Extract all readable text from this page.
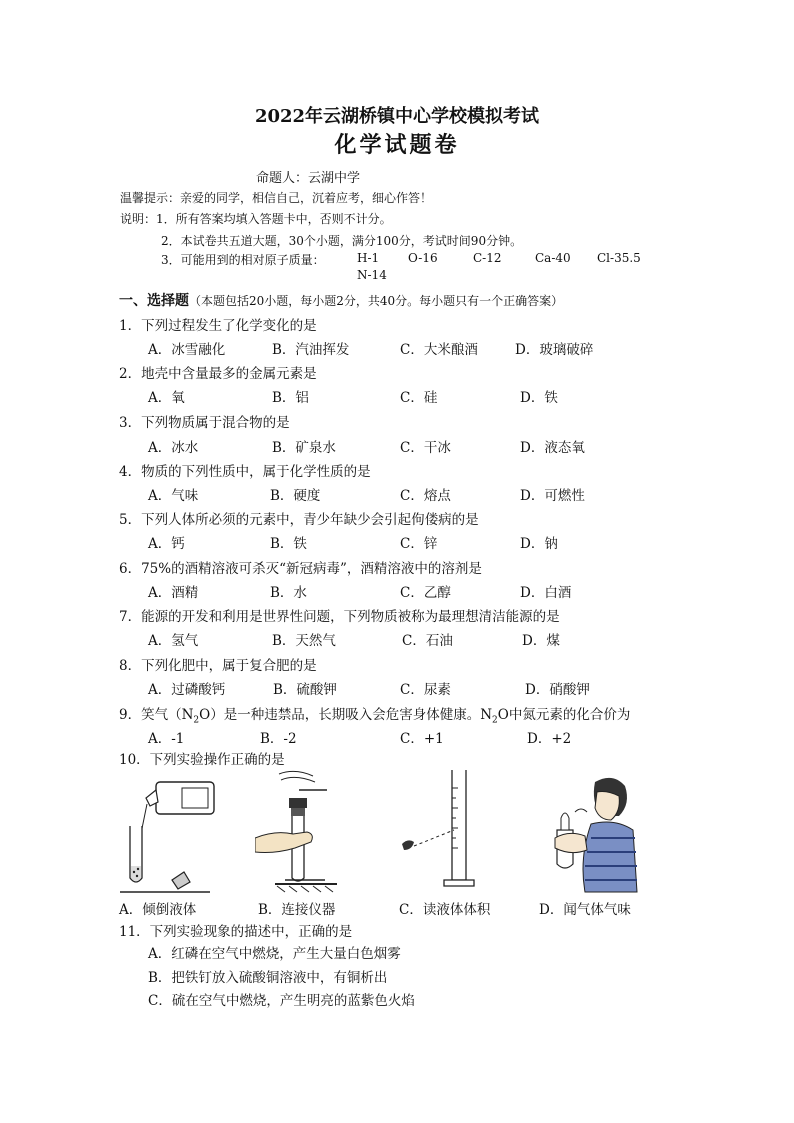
2022年云湖桥镇中心学校模拟考试
化学试题卷
命题人：云湖中学
温馨提示：亲爱的同学，相信自己，沉着应考，细心作答！
说明：1．所有答案均填入答题卡中，否则不计分。
2．本试卷共五道大题，30个小题，满分100分，考试时间90分钟。
3．可能用到的相对原子质量：	H-1 O-16	C-12	Ca-40 Cl-35.5
N-14
一、选择题（本题包括20小题，每小题2分，共40分。每小题只有一个正确答案）
1．下列过程发生了化学变化的是
A．冰雪融化	B．汽油挥发	C．大米酿酒	D．玻璃破碎
2．地壳中含量最多的金属元素是
A．氧	B．铝	C．硅	D．铁
3．下列物质属于混合物的是
A．冰水	B．矿泉水	C．干冰	D．液态氧
4．物质的下列性质中，属于化学性质的是
A．气味	B．硬度	C．熔点	D．可燃性
5．下列人体所必须的元素中，青少年缺少会引起佝偻病的是
A．钙	B．铁	C．锌	D．钠
6．75%的酒精溶液可杀灭“新冠病毒”，酒精溶液中的溶剂是
A．酒精	B．水	C．乙醇	D．白酒
7．能源的开发和利用是世界性问题，下列物质被称为最理想清洁能源的是
A．氢气	B．天然气	C．石油	D．煤
8．下列化肥中，属于复合肥的是
A．过磷酸钙	B．硫酸钾	C．尿素	D．硝酸钾
9．笑气$(N_2O)$是一种违禁品，长期吸入会危害身体健康。$N_2O$中氮元素的化合价为
A．-1	B．-2	C．+1	D．+2
10．下列实验操作正确的是
A．倾倒液体	B．连接仪器	C．读液体体积	D．闻气体气味
11．下列实验现象的描述中，正确的是
A．红磷在空气中燃烧，产生大量白色烟雾
B．把铁钉放入硫酸铜溶液中，有铜析出
C．硫在空气中燃烧，产生明亮的蓝紫色火焰
